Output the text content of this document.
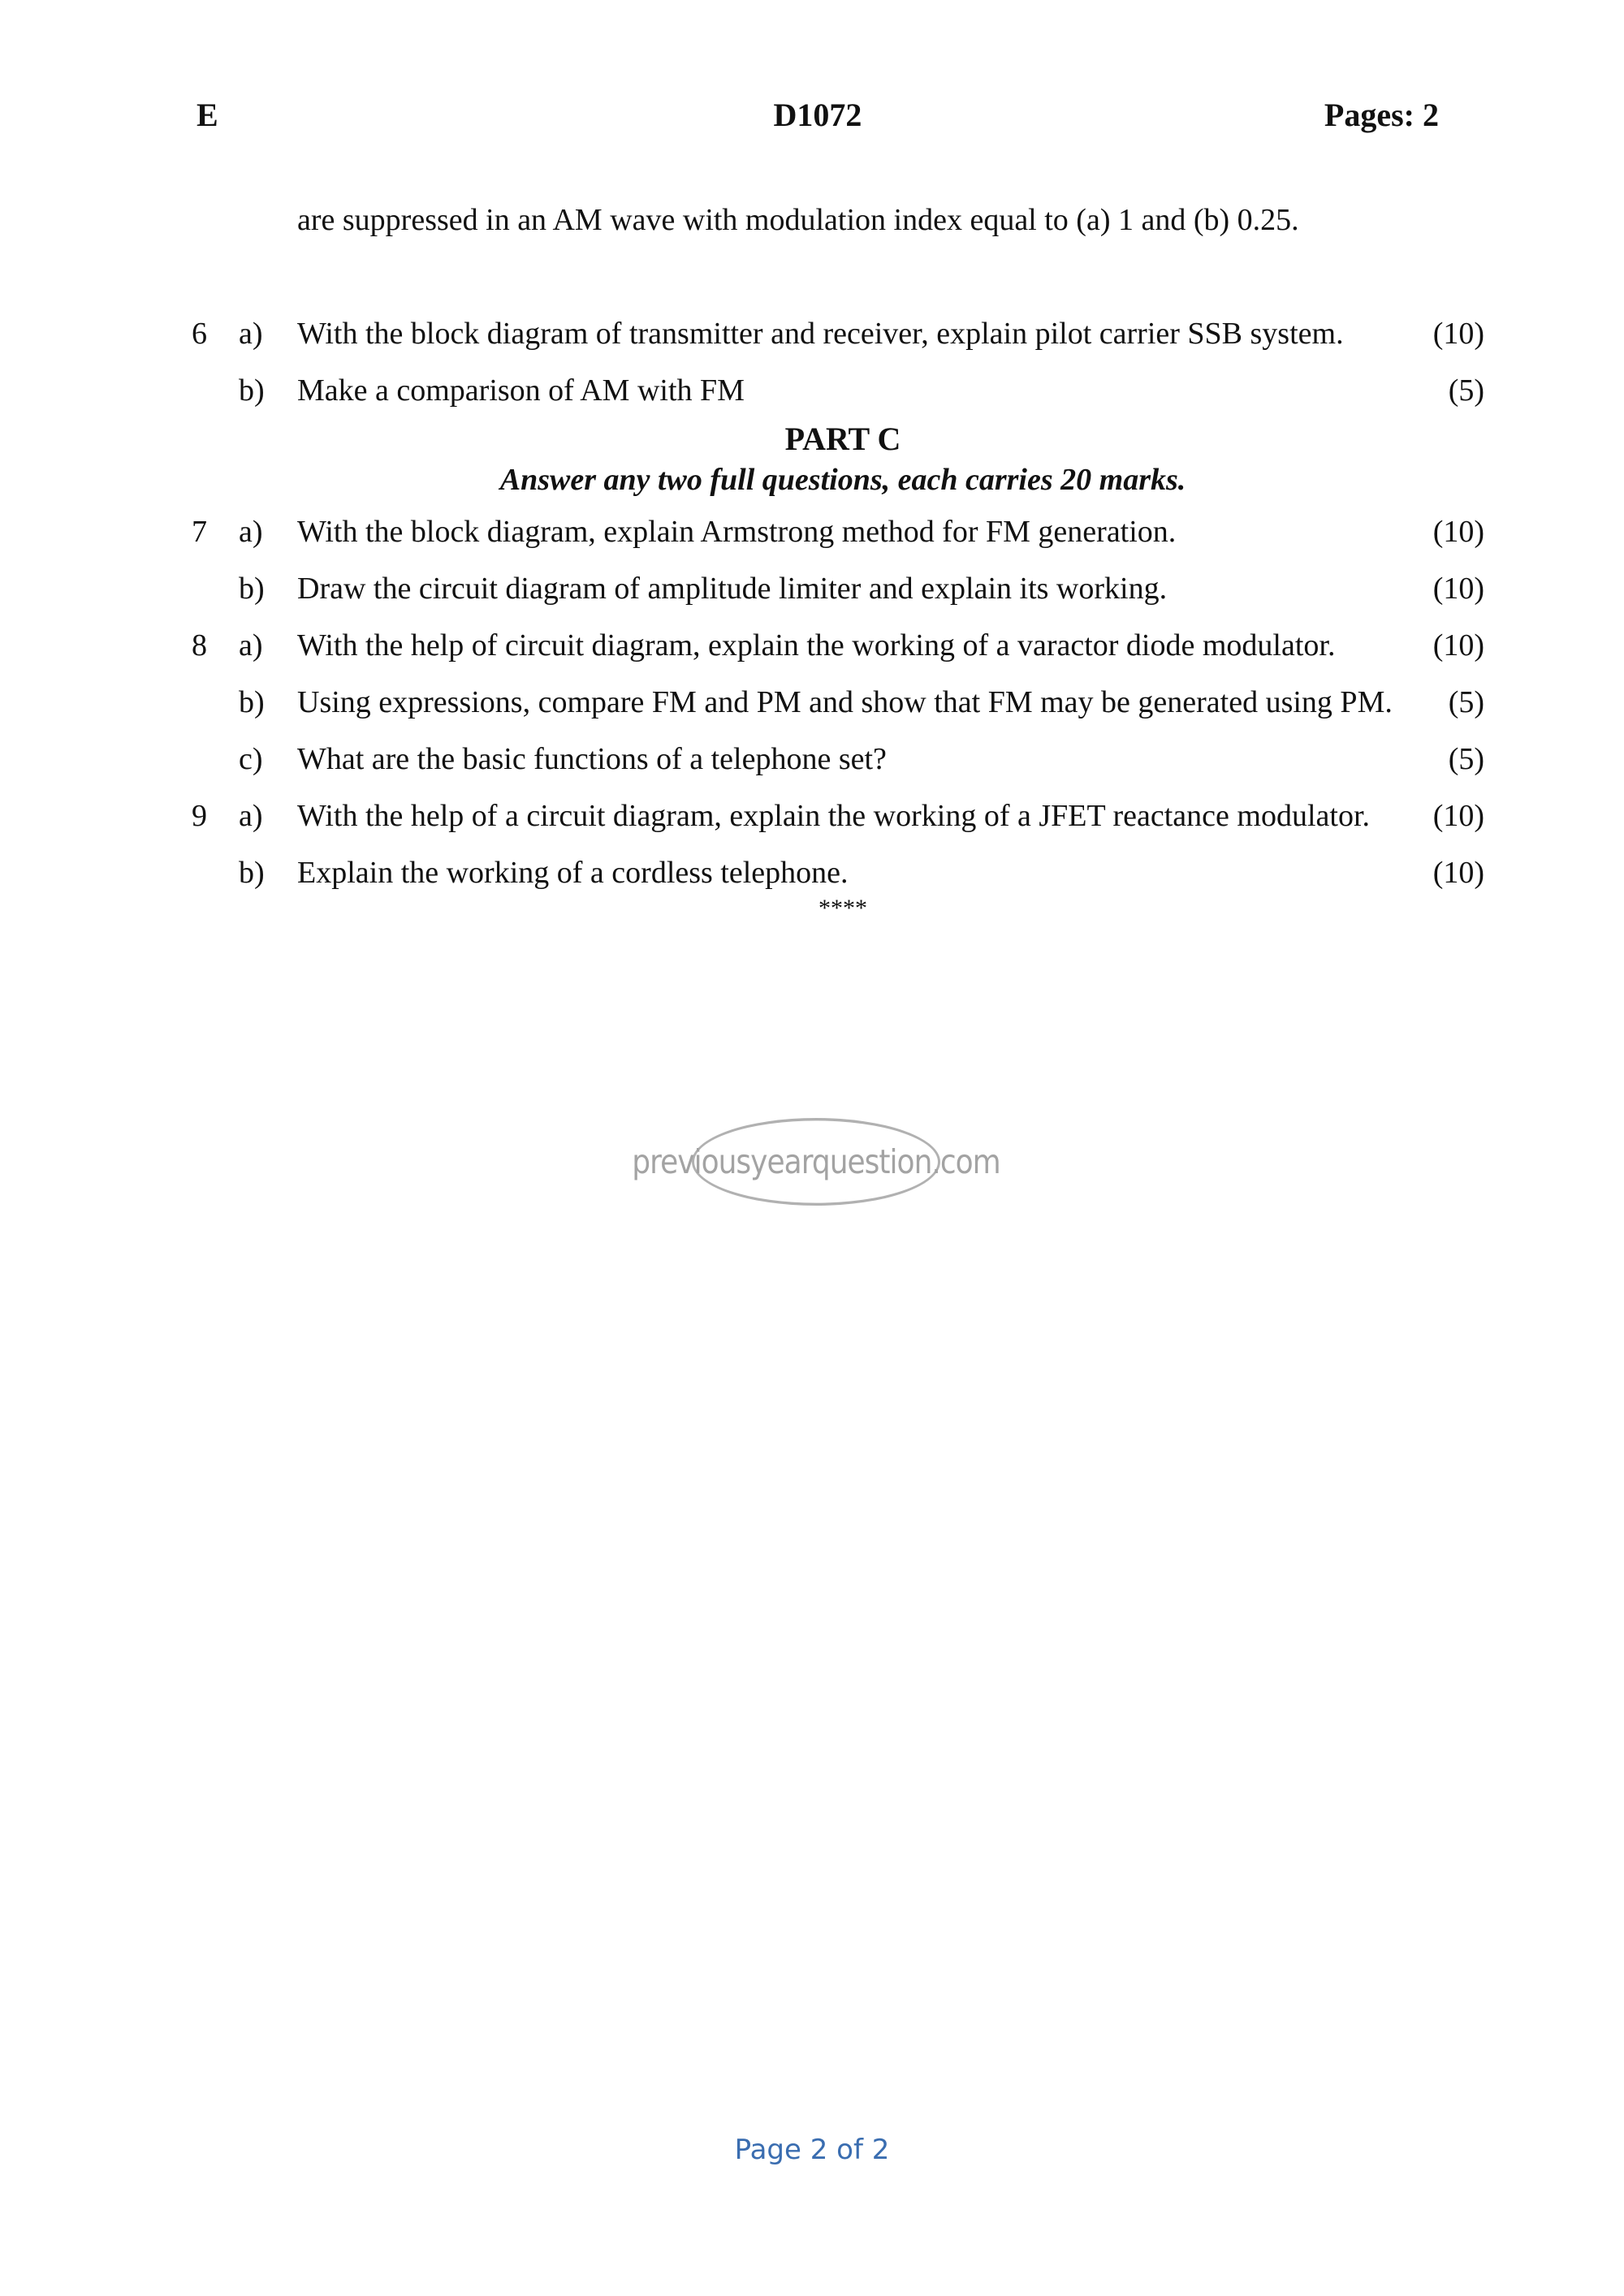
E	D1072	Pages: 2
are suppressed in an AM wave with modulation index equal to (a) 1 and (b) 0.25.
6	a)	With the block diagram of transmitter and receiver, explain pilot carrier SSB system.	(10)
b)	Make a comparison of AM with FM	(5)
PART C
Answer any two full questions, each carries 20 marks.
7	a)	With the block diagram, explain Armstrong method for FM generation.	(10)
b)	Draw the circuit diagram of amplitude limiter and explain its working.	(10)
8	a)	With the help of circuit diagram, explain the working of a varactor diode modulator.	(10)
b)	Using expressions, compare FM and PM and show that FM may be generated using PM.	(5)
c)	What are the basic functions of a telephone set?	(5)
9	a)	With the help of a circuit diagram, explain the working of a JFET reactance modulator.	(10)
b)	Explain the working of a cordless telephone.	(10)
****
previousyearquestion.com
Page 2 of 2
